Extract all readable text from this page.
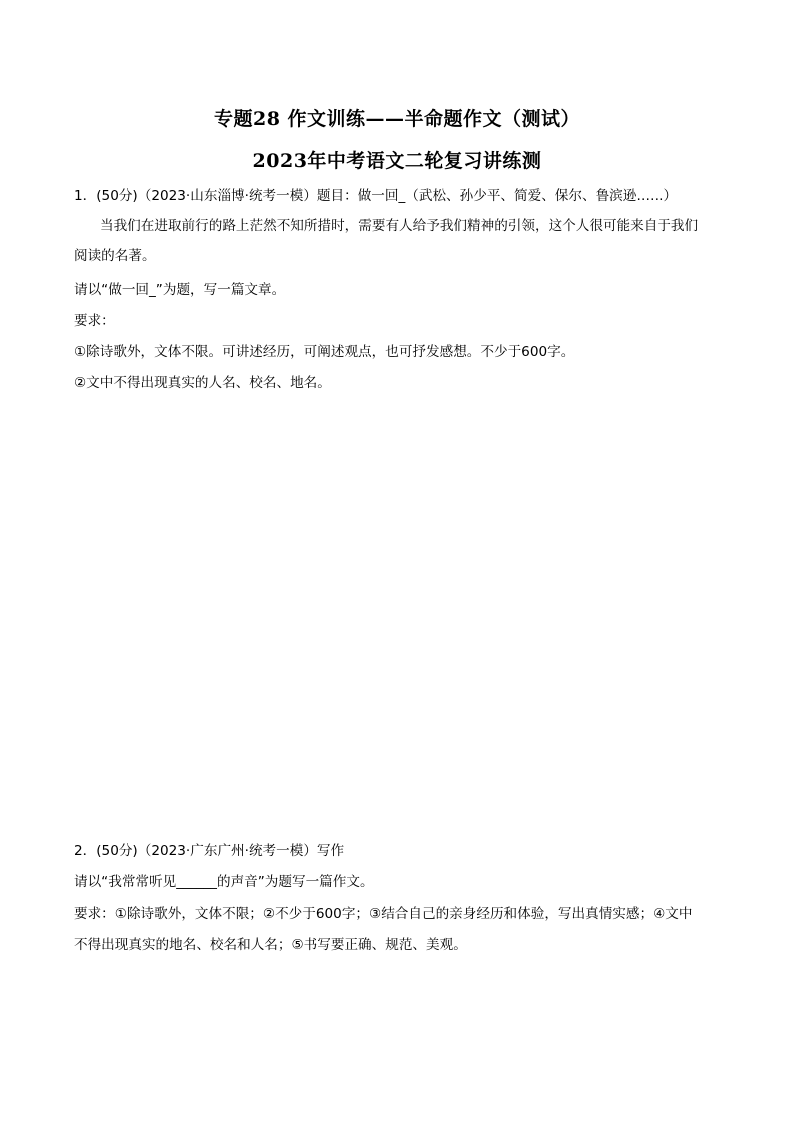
专题28 作文训练——半命题作文（测试）
2023年中考语文二轮复习讲练测
1．(50分)（2023·山东淄博·统考一模）题目：做一回_（武松、孙少平、简爱、保尔、鲁滨逊……）
当我们在进取前行的路上茫然不知所措时，需要有人给予我们精神的引领，这个人很可能来自于我们
阅读的名著。
请以“做一回_”为题，写一篇文章。
要求：
①除诗歌外，文体不限。可讲述经历，可阐述观点，也可抒发感想。不少于600字。
②文中不得出现真实的人名、校名、地名。
2．(50分)（2023·广东广州·统考一模）写作
请以“我常常听见______的声音”为题写一篇作文。
要求：①除诗歌外，文体不限；②不少于600字；③结合自己的亲身经历和体验，写出真情实感；④文中
不得出现真实的地名、校名和人名；⑤书写要正确、规范、美观。
